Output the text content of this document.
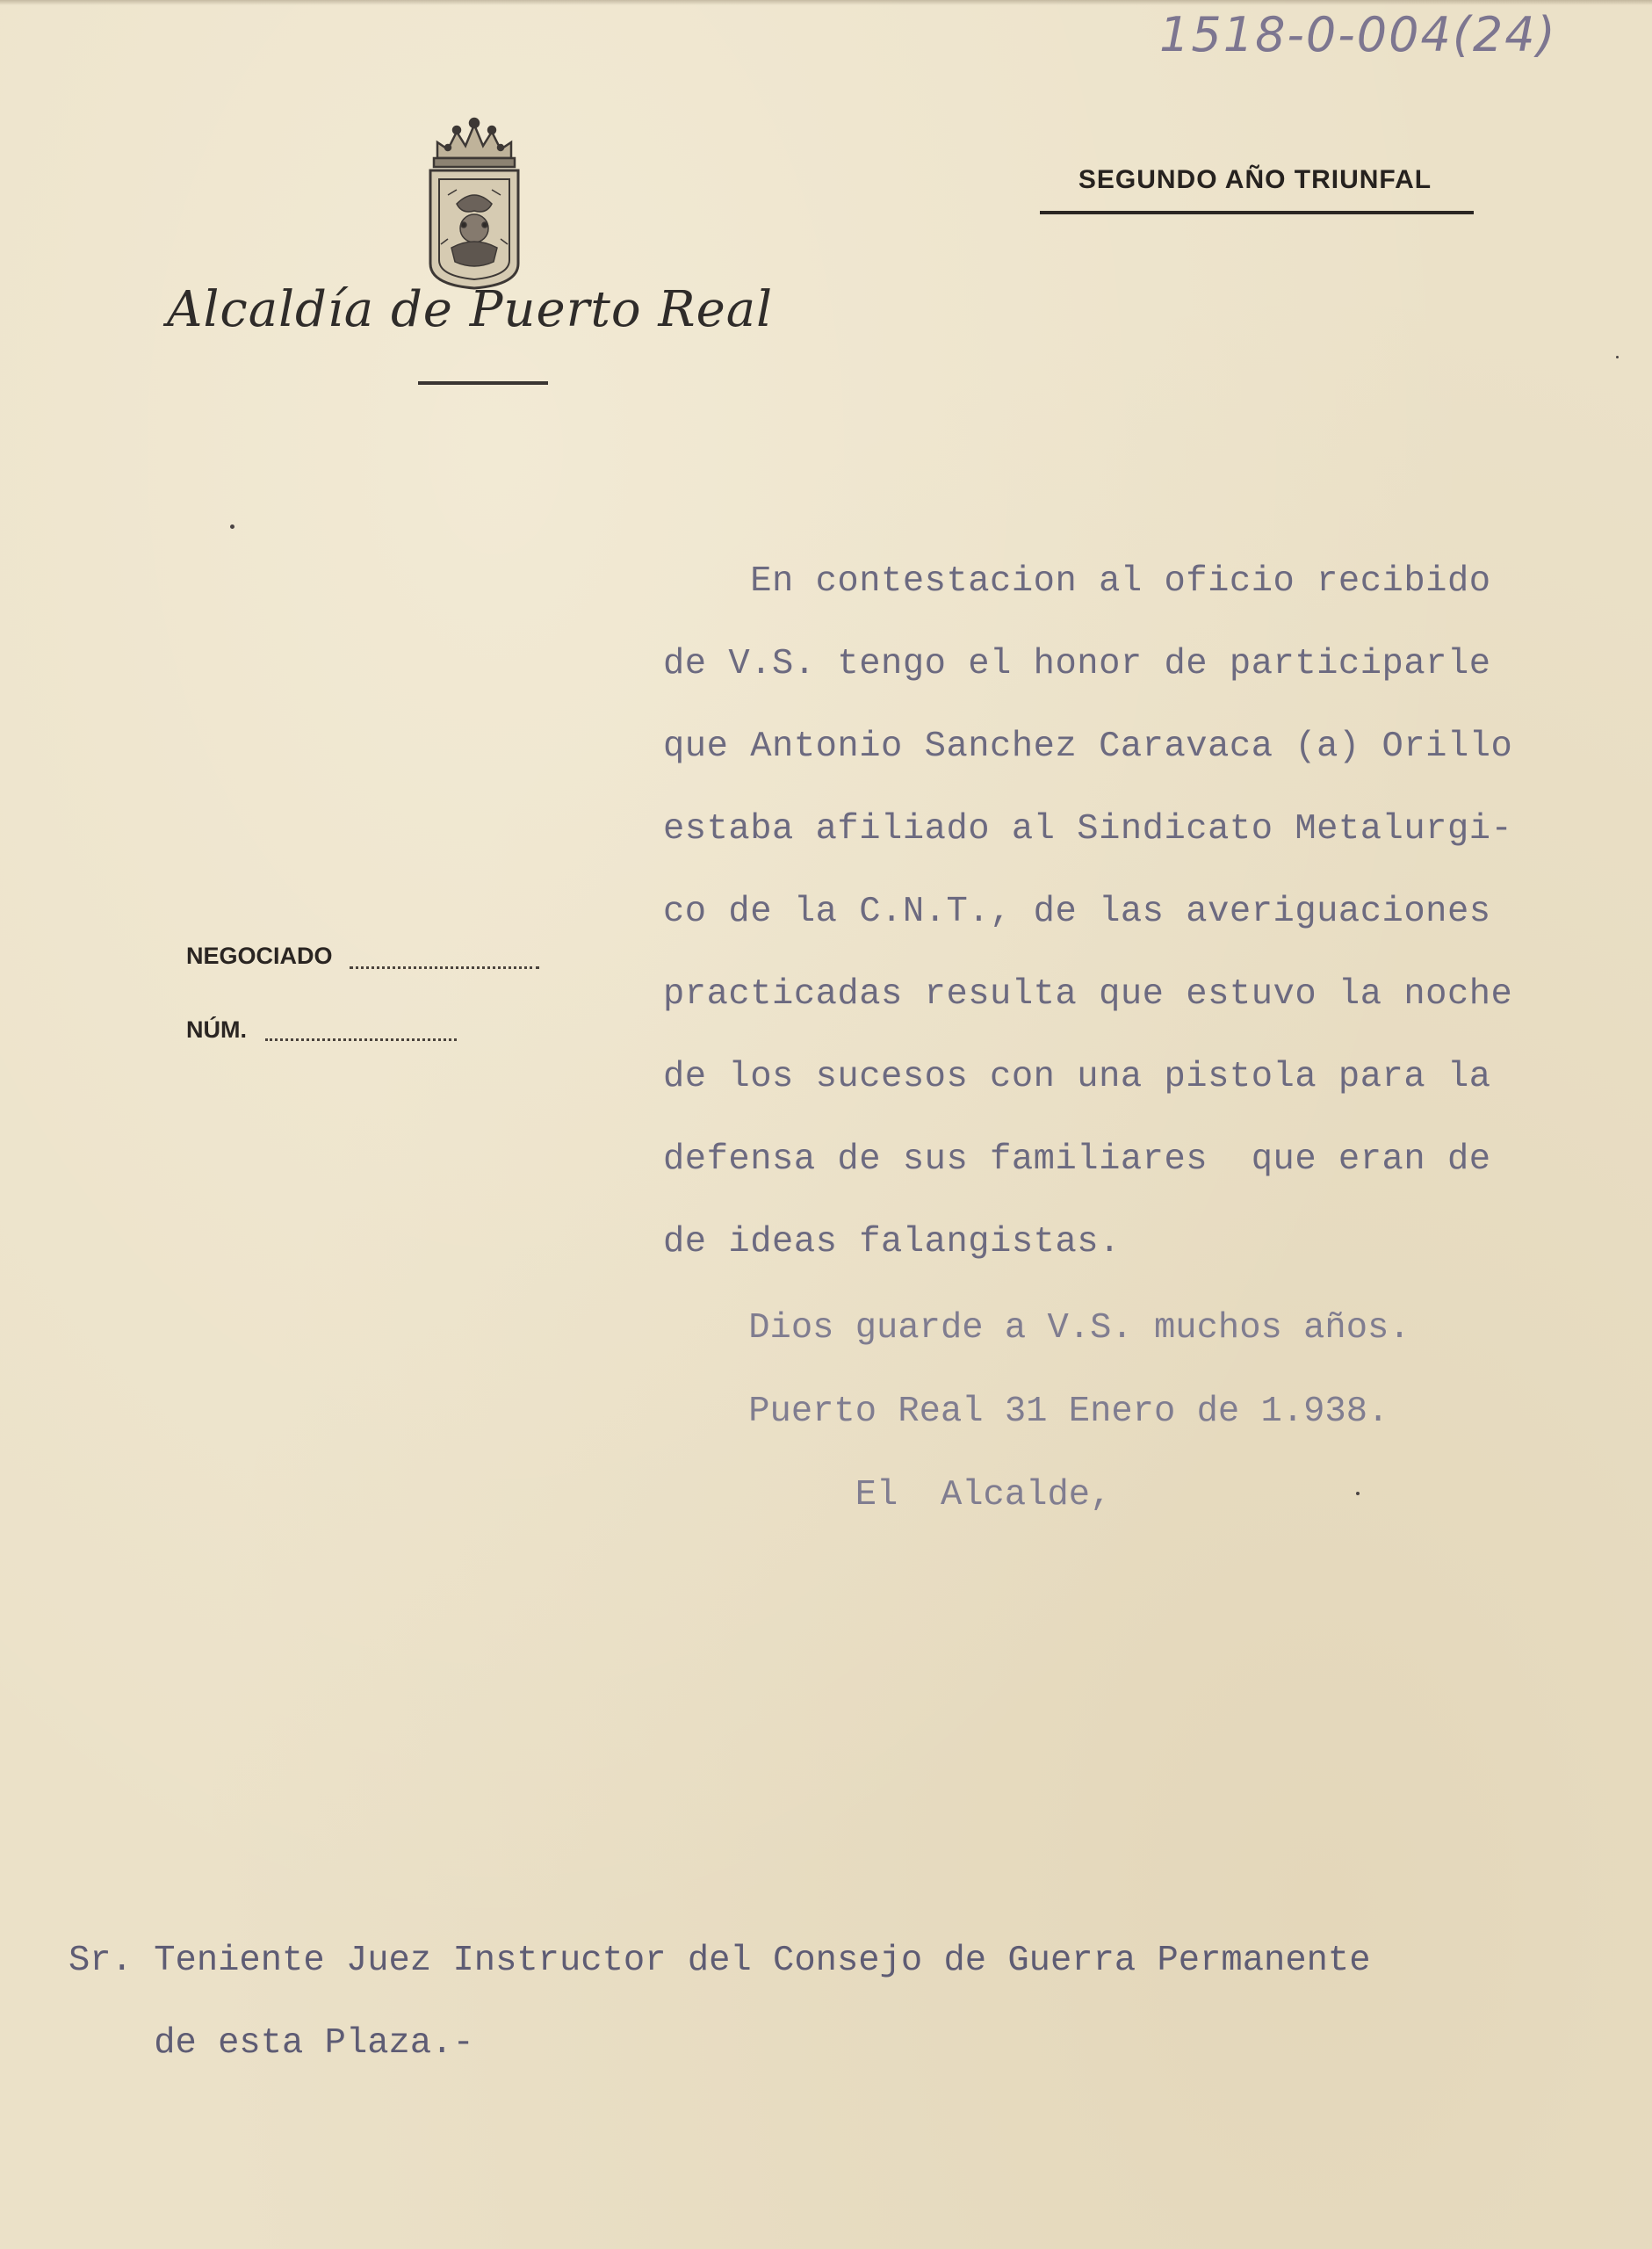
1518-0-004(24)
Alcaldía de Puerto Real
SEGUNDO AÑO TRIUNFAL
NEGOCIADO
NÚM.
En contestacion al oficio recibido
de V.S. tengo el honor de participarle
que Antonio Sanchez Caravaca (a) Orillo
estaba afiliado al Sindicato Metalurgi-
co de la C.N.T., de las averiguaciones
practicadas resulta que estuvo la noche
de los sucesos con una pistola para la
defensa de sus familiares  que eran de
de ideas falangistas.
Dios guarde a V.S. muchos años.
Puerto Real 31 Enero de 1.938.
El  Alcalde,
Sr. Teniente Juez Instructor del Consejo de Guerra Permanente
de esta Plaza.-
